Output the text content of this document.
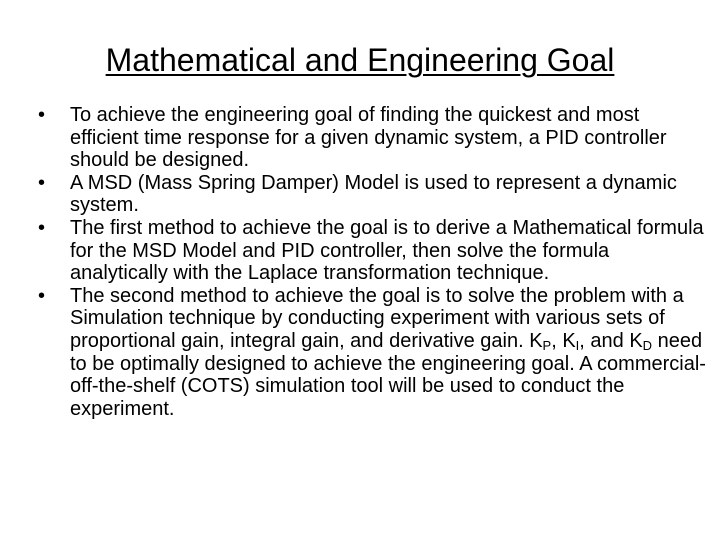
Mathematical and Engineering Goal
• To achieve the engineering goal of finding the quickest and most efficient time response for a given dynamic system, a PID controller should be designed.
• A MSD (Mass Spring Damper) Model is used to represent a dynamic system.
• The first method to achieve the goal is to derive a Mathematical formula for the MSD Model and PID controller, then solve the formula analytically with the Laplace transformation technique.
• The second method to achieve the goal is to solve the problem with a Simulation technique by conducting experiment with various sets of proportional gain, integral gain, and derivative gain. $K_P$, $K_I$, and $K_D$ need to be optimally designed to achieve the engineering goal. A commercial-off-the-shelf (COTS) simulation tool will be used to conduct the experiment.
